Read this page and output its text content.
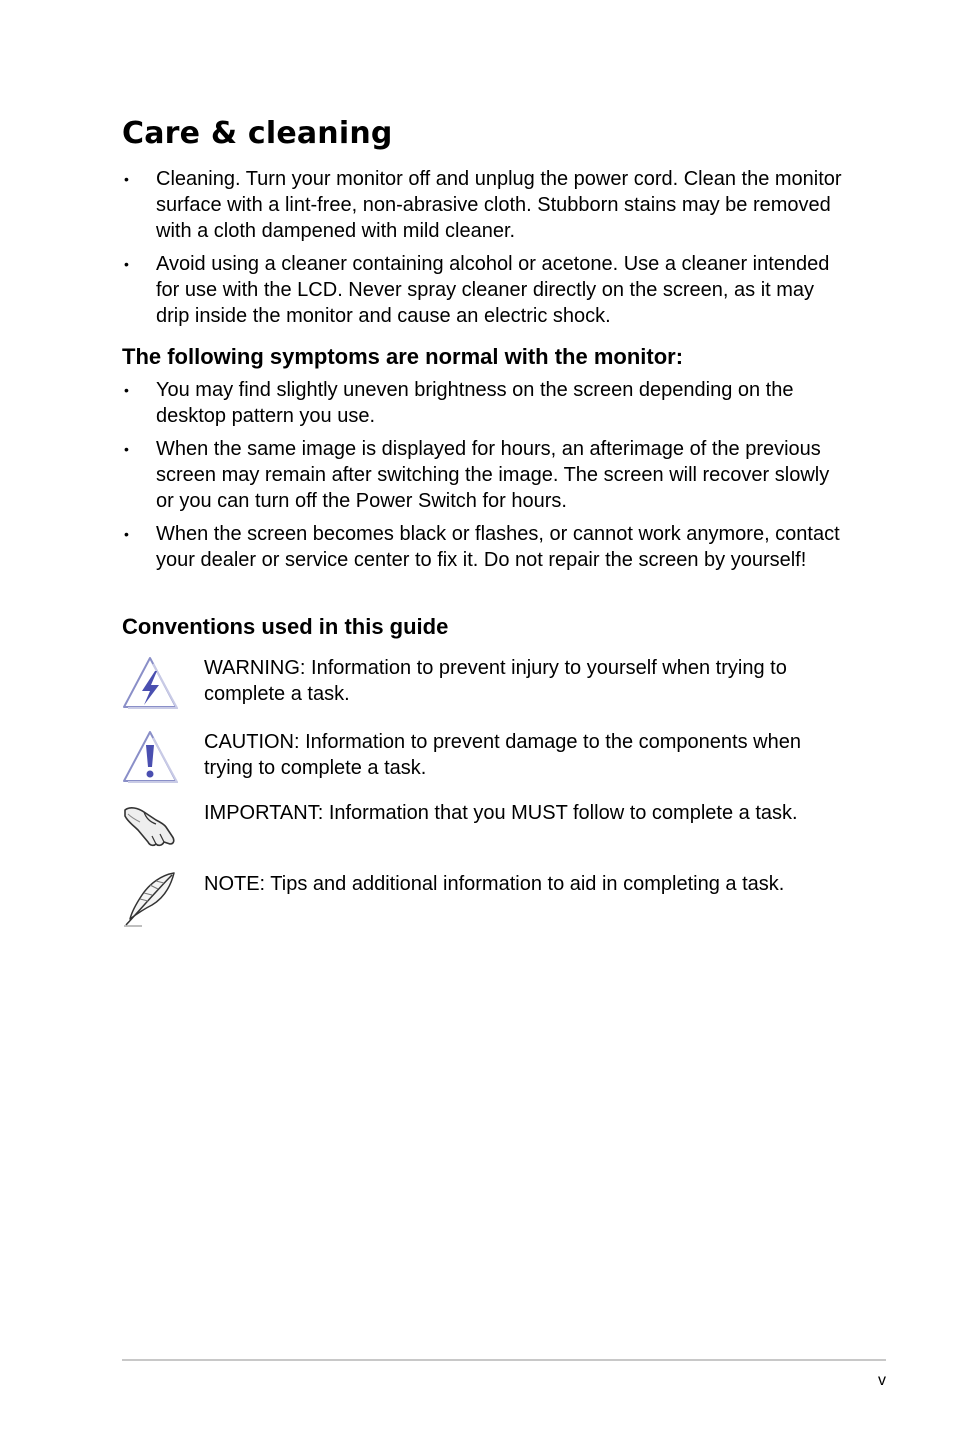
Care & cleaning
• Cleaning. Turn your monitor off and unplug the power cord. Clean the monitor surface with a lint-free, non-abrasive cloth. Stubborn stains may be removed with a cloth dampened with mild cleaner.
• Avoid using a cleaner containing alcohol or acetone. Use a cleaner intended for use with the LCD. Never spray cleaner directly on the screen, as it may drip inside the monitor and cause an electric shock.
The following symptoms are normal with the monitor:
• You may find slightly uneven brightness on the screen depending on the desktop pattern you use.
• When the same image is displayed for hours, an afterimage of the previous screen may remain after switching the image. The screen will recover slowly or you can turn off the Power Switch for hours.
• When the screen becomes black or flashes, or cannot work anymore, contact your dealer or service center to fix it. Do not repair the screen by yourself!
Conventions used in this guide
WARNING: Information to prevent injury to yourself when trying to complete a task.
CAUTION: Information to prevent damage to the components when trying to complete a task.
IMPORTANT: Information that you MUST follow to complete a task.
NOTE: Tips and additional information to aid in completing a task.
v
